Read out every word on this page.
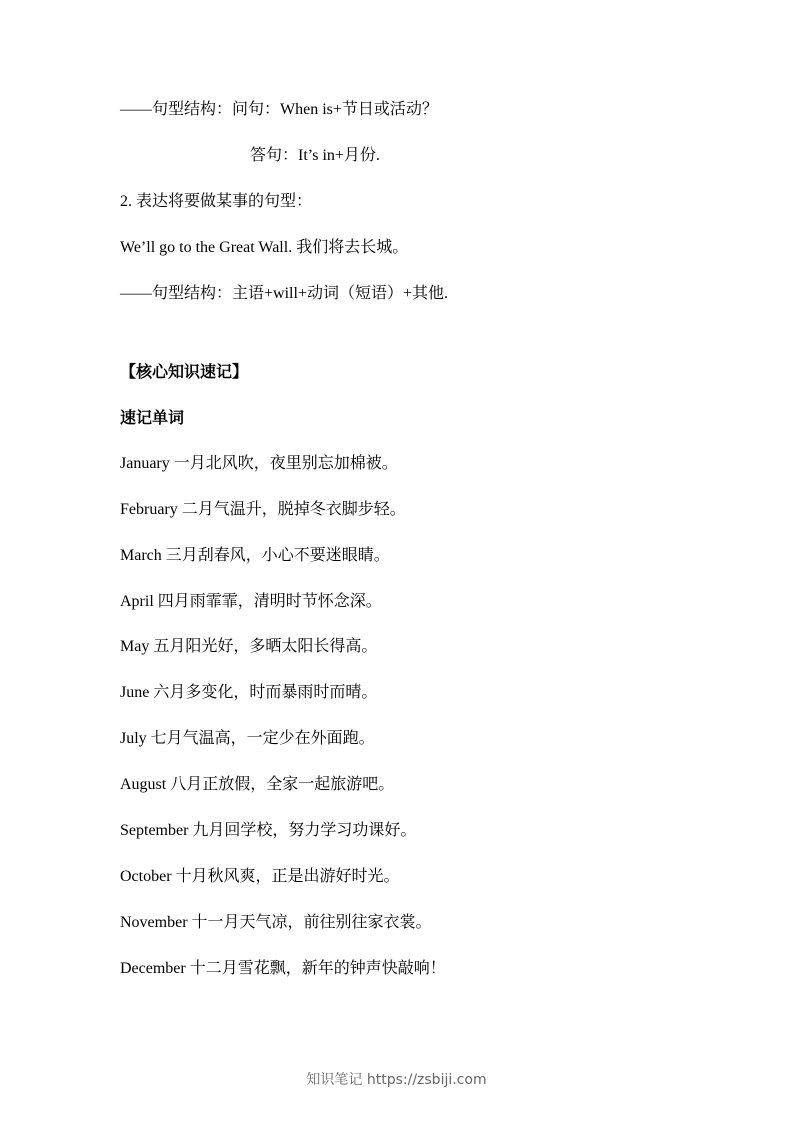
——句型结构：问句：When is+节日或活动？
答句：It’s in+月份.
2. 表达将要做某事的句型：
We’ll go to the Great Wall. 我们将去长城。
——句型结构：主语+will+动词（短语）+其他.
【核心知识速记】
速记单词
January 一月北风吹，夜里别忘加棉被。
February 二月气温升，脱掉冬衣脚步轻。
March 三月刮春风，小心不要迷眼睛。
April 四月雨霏霏，清明时节怀念深。
May 五月阳光好，多晒太阳长得高。
June 六月多变化，时而暴雨时而晴。
July 七月气温高，一定少在外面跑。
August 八月正放假，全家一起旅游吧。
September 九月回学校，努力学习功课好。
October 十月秋风爽，正是出游好时光。
November 十一月天气凉，前往别往家衣裳。
December 十二月雪花飘，新年的钟声快敲响！
知识笔记 https://zsbiji.com
